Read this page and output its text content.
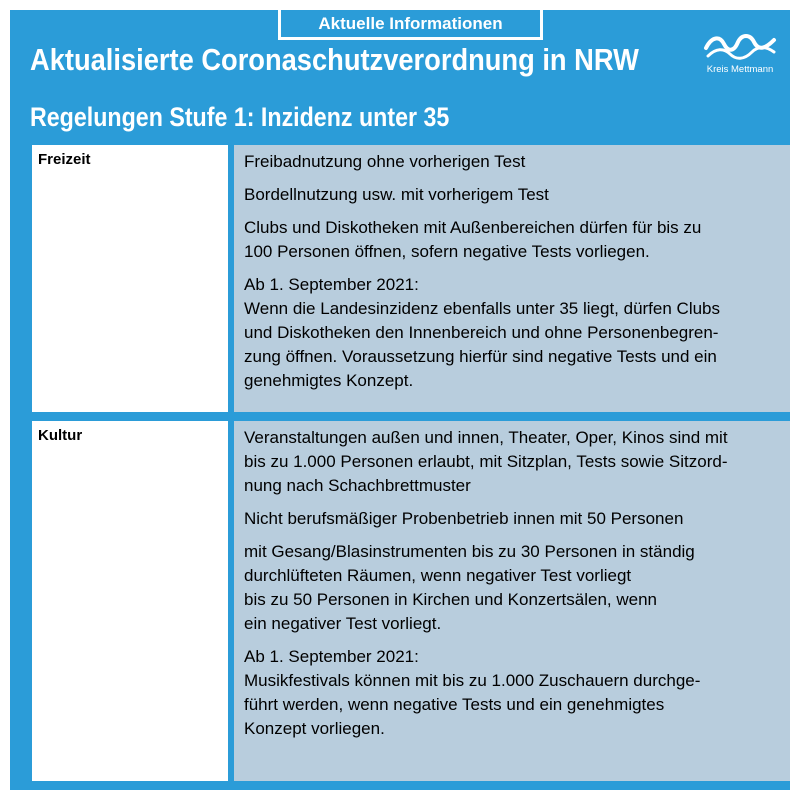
Aktuelle Informationen
Aktualisierte Coronaschutzverordnung in NRW
Regelungen Stufe 1: Inzidenz unter 35
Kreis Mettmann
Freizeit	Freibadnutzung ohne vorherigen Test

Bordellnutzung usw. mit vorherigem Test

Clubs und Diskotheken mit Außenbereichen dürfen für bis zu
100 Personen öffnen, sofern negative Tests vorliegen.

Ab 1. September 2021:
Wenn die Landesinzidenz ebenfalls unter 35 liegt, dürfen Clubs
und Diskotheken den Innenbereich und ohne Personenbegren-
zung öffnen. Voraussetzung hierfür sind negative Tests und ein
genehmigtes Konzept.

Kultur	Veranstaltungen außen und innen, Theater, Oper, Kinos sind mit
bis zu 1.000 Personen erlaubt, mit Sitzplan, Tests sowie Sitzord-
nung nach Schachbrettmuster

Nicht berufsmäßiger Probenbetrieb innen mit 50 Personen

mit Gesang/Blasinstrumenten bis zu 30 Personen in ständig
durchlüfteten Räumen, wenn negativer Test vorliegt
bis zu 50 Personen in Kirchen und Konzertsälen, wenn
ein negativer Test vorliegt.

Ab 1. September 2021:
Musikfestivals können mit bis zu 1.000 Zuschauern durchge-
führt werden, wenn negative Tests und ein genehmigtes
Konzept vorliegen.
